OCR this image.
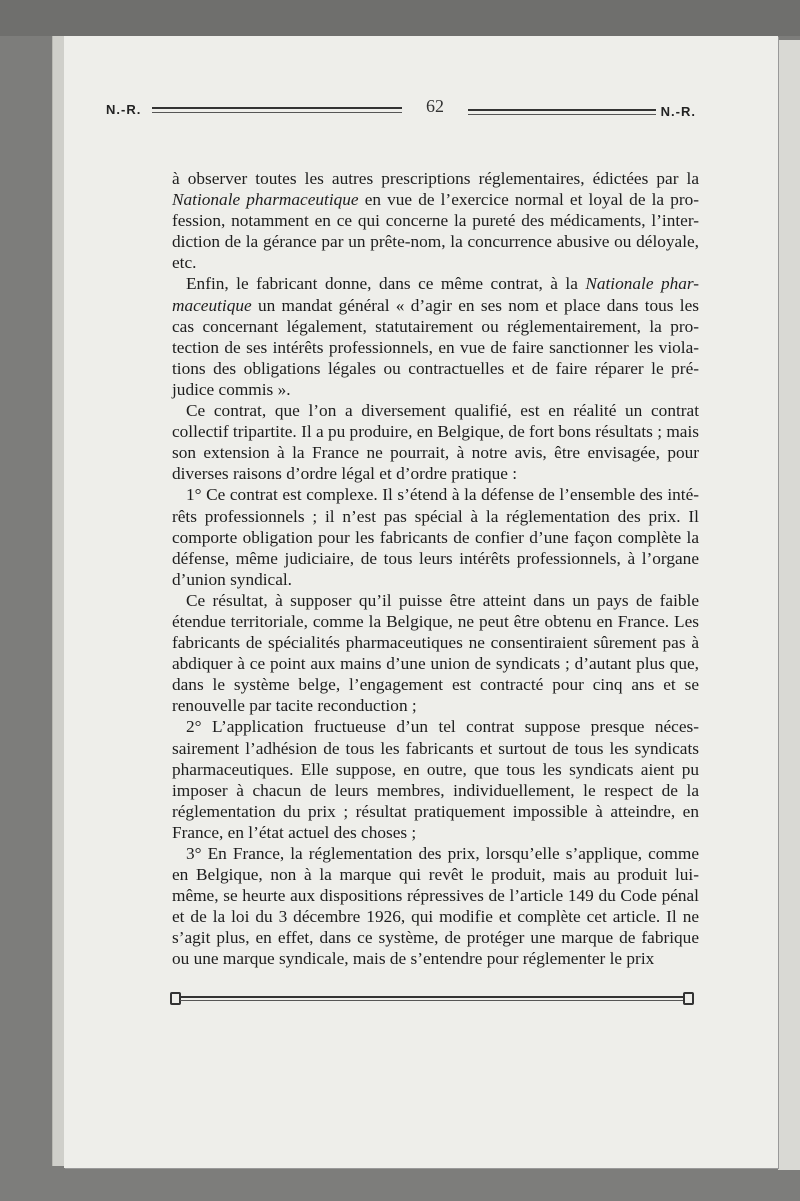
N.-R.	62	N.-R.

à observer toutes les autres prescriptions réglementaires, édictées par la Nationale pharmaceutique en vue de l’exercice normal et loyal de la pro-fession, notamment en ce qui concerne la pureté des médicaments, l’inter-diction de la gérance par un prête-nom, la concurrence abusive ou déloyale, etc.

Enfin, le fabricant donne, dans ce même contrat, à la Nationale phar-maceutique un mandat général « d’agir en ses nom et place dans tous les cas concernant légalement, statutairement ou réglementairement, la pro-tection de ses intérêts professionnels, en vue de faire sanctionner les viola-tions des obligations légales ou contractuelles et de faire réparer le pré-judice commis ».

Ce contrat, que l’on a diversement qualifié, est en réalité un contrat collectif tripartite. Il a pu produire, en Belgique, de fort bons résultats ; mais son extension à la France ne pourrait, à notre avis, être envisagée, pour diverses raisons d’ordre légal et d’ordre pratique :

1° Ce contrat est complexe. Il s’étend à la défense de l’ensemble des inté-rêts professionnels ; il n’est pas spécial à la réglementation des prix. Il comporte obligation pour les fabricants de confier d’une façon complète la défense, même judiciaire, de tous leurs intérêts professionnels, à l’organe d’union syndical.

Ce résultat, à supposer qu’il puisse être atteint dans un pays de faible étendue territoriale, comme la Belgique, ne peut être obtenu en France. Les fabricants de spécialités pharmaceutiques ne consentiraient sûrement pas à abdiquer à ce point aux mains d’une union de syndicats ; d’autant plus que, dans le système belge, l’engagement est contracté pour cinq ans et se renouvelle par tacite reconduction ;

2° L’application fructueuse d’un tel contrat suppose presque néces-sairement l’adhésion de tous les fabricants et surtout de tous les syndicats pharmaceutiques. Elle suppose, en outre, que tous les syndicats aient pu imposer à chacun de leurs membres, individuellement, le respect de la réglementation du prix ; résultat pratiquement impossible à atteindre, en France, en l’état actuel des choses ;

3° En France, la réglementation des prix, lorsqu’elle s’applique, comme en Belgique, non à la marque qui revêt le produit, mais au produit lui-même, se heurte aux dispositions répressives de l’article 149 du Code pénal et de la loi du 3 décembre 1926, qui modifie et complète cet article. Il ne s’agit plus, en effet, dans ce système, de protéger une marque de fabrique ou une marque syndicale, mais de s’entendre pour réglementer le prix
